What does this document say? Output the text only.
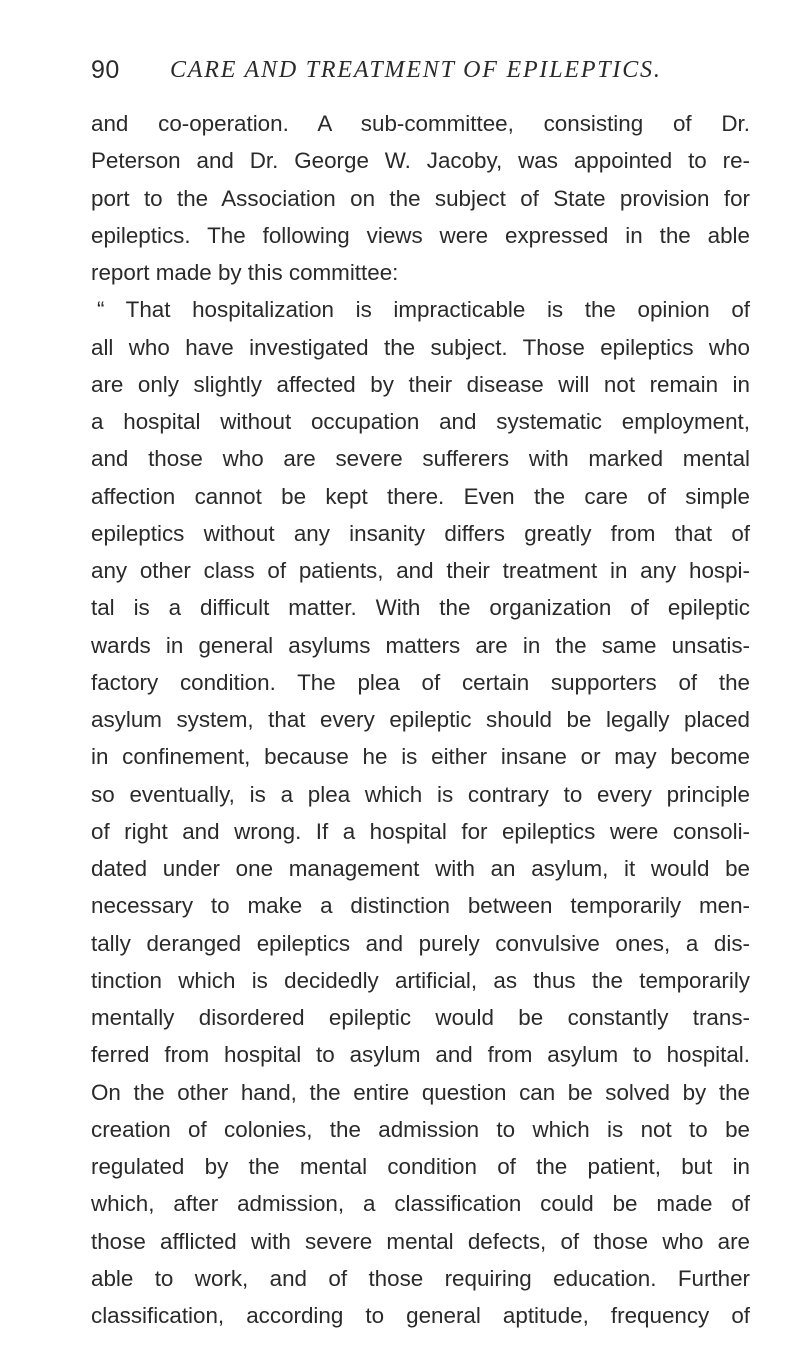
90 CARE AND TREATMENT OF EPILEPTICS.
and co-operation. A sub-committee, consisting of Dr.
Peterson and Dr. George W. Jacoby, was appointed to re-
port to the Association on the subject of State provision for
epileptics. The following views were expressed in the able
report made by this committee:
“ That hospitalization is impracticable is the opinion of
all who have investigated the subject. Those epileptics who
are only slightly affected by their disease will not remain in
a hospital without occupation and systematic employment,
and those who are severe sufferers with marked mental
affection cannot be kept there. Even the care of simple
epileptics without any insanity differs greatly from that of
any other class of patients, and their treatment in any hospi-
tal is a difficult matter. With the organization of epileptic
wards in general asylums matters are in the same unsatis-
factory condition. The plea of certain supporters of the
asylum system, that every epileptic should be legally placed
in confinement, because he is either insane or may become
so eventually, is a plea which is contrary to every principle
of right and wrong. If a hospital for epileptics were consoli-
dated under one management with an asylum, it would be
necessary to make a distinction between temporarily men-
tally deranged epileptics and purely convulsive ones, a dis-
tinction which is decidedly artificial, as thus the temporarily
mentally disordered epileptic would be constantly trans-
ferred from hospital to asylum and from asylum to hospital.
On the other hand, the entire question can be solved by the
creation of colonies, the admission to which is not to be
regulated by the mental condition of the patient, but in
which, after admission, a classification could be made of
those afflicted with severe mental defects, of those who are
able to work, and of those requiring education. Further
classification, according to general aptitude, frequency of
